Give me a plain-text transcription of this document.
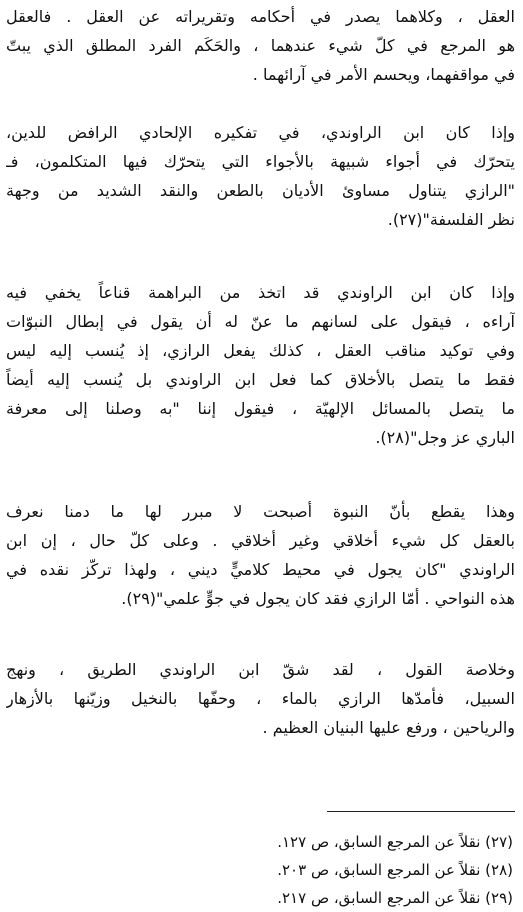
العقل ، وكلاهما يصدر في أحكامه وتقريراته عن العقل . فالعقل
هو المرجع في كلّ شيء عندهما ، والحَكَم الفرد المطلق الذي يبتّ
في مواقفهما، ويحسم الأمر في آرائهما .
وإذا كان ابن الراوندي، في تفكيره الإلحادي الرافض للدين،
يتحرّك في أجواء شبيهة بالأجواء التي يتحرّك فيها المتكلمون، فـ
"الرازي يتناول مساوئ الأديان بالطعن والنقد الشديد من وجهة
نظر الفلسفة"(٢٧).
وإذا كان ابن الراوندي قد اتخذ من البراهمة قناعاً يخفي فيه
آراءه ، فيقول على لسانهم ما عنّ له أن يقول في إبطال النبوّات
وفي توكيد مناقب العقل ، كذلك يفعل الرازي، إذ يُنسب إليه ليس
فقط ما يتصل بالأخلاق كما فعل ابن الراوندي بل يُنسب إليه أيضاً
ما يتصل بالمسائل الإلهيّة ، فيقول إننا "به وصلنا إلى معرفة
الباري عز وجل"(٢٨).
وهذا يقطع بأنّ النبوة أصبحت لا مبرر لها ما دمنا نعرف
بالعقل كل شيء أخلاقي وغير أخلاقي . وعلى كلّ حال ، إن ابن
الراوندي "كان يجول في محيط كلاميٍّ ديني ، ولهذا تركّز نقده في
هذه النواحي . أمّا الرازي فقد كان يجول في جوٍّ علمي"(٢٩).
وخلاصة القول ، لقد شقّ ابن الراوندي الطريق ، ونهج
السبيل، فأمدّها الرازي بالماء ، وحفّها بالنخيل وزيّنها بالأزهار
والرياحين ، ورفع عليها البنيان العظيم .
(٢٧) نقلاً عن المرجع السابق، ص ١٢٧.
(٢٨) نقلاً عن المرجع السابق، ص ٢٠٣.
(٢٩) نقلاً عن المرجع السابق، ص ٢١٧.
